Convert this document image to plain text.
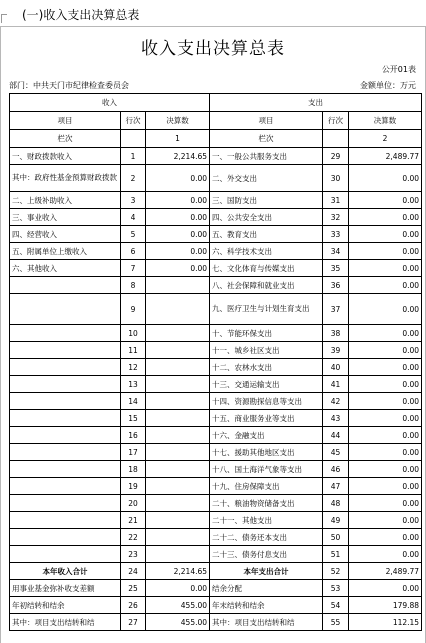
(一)收入支出决算总表
收入支出决算总表
公开01表
部门：中共天门市纪律检查委员会	金额单位：万元
收入			支出		
项目	行次	决算数	项目	行次	决算数
栏次		1	栏次		2
一、财政拨款收入	1	2,214.65	一、一般公共服务支出	29	2,489.77
其中：政府性基金预算财政拨款	2	0.00	二、外交支出	30	0.00
二、上级补助收入	3	0.00	三、国防支出	31	0.00
三、事业收入	4	0.00	四、公共安全支出	32	0.00
四、经营收入	5	0.00	五、教育支出	33	0.00
五、附属单位上缴收入	6	0.00	六、科学技术支出	34	0.00
六、其他收入	7	0.00	七、文化体育与传媒支出	35	0.00
	8		八、社会保障和就业支出	36	0.00
	9		九、医疗卫生与计划生育支出	37	0.00
	10		十、节能环保支出	38	0.00
	11		十一、城乡社区支出	39	0.00
	12		十二、农林水支出	40	0.00
	13		十三、交通运输支出	41	0.00
	14		十四、资源勘探信息等支出	42	0.00
	15		十五、商业服务业等支出	43	0.00
	16		十六、金融支出	44	0.00
	17		十七、援助其他地区支出	45	0.00
	18		十八、国土海洋气象等支出	46	0.00
	19		十九、住房保障支出	47	0.00
	20		二十、粮油物资储备支出	48	0.00
	21		二十一、其他支出	49	0.00
	22		二十二、债务还本支出	50	0.00
	23		二十三、债务付息支出	51	0.00
本年收入合计	24	2,214.65	本年支出合计	52	2,489.77
用事业基金弥补收支差额	25	0.00	结余分配	53	0.00
年初结转和结余	26	455.00	年末结转和结余	54	179.88
其中：项目支出结转和结	27	455.00	其中：项目支出结转和结	55	112.15
